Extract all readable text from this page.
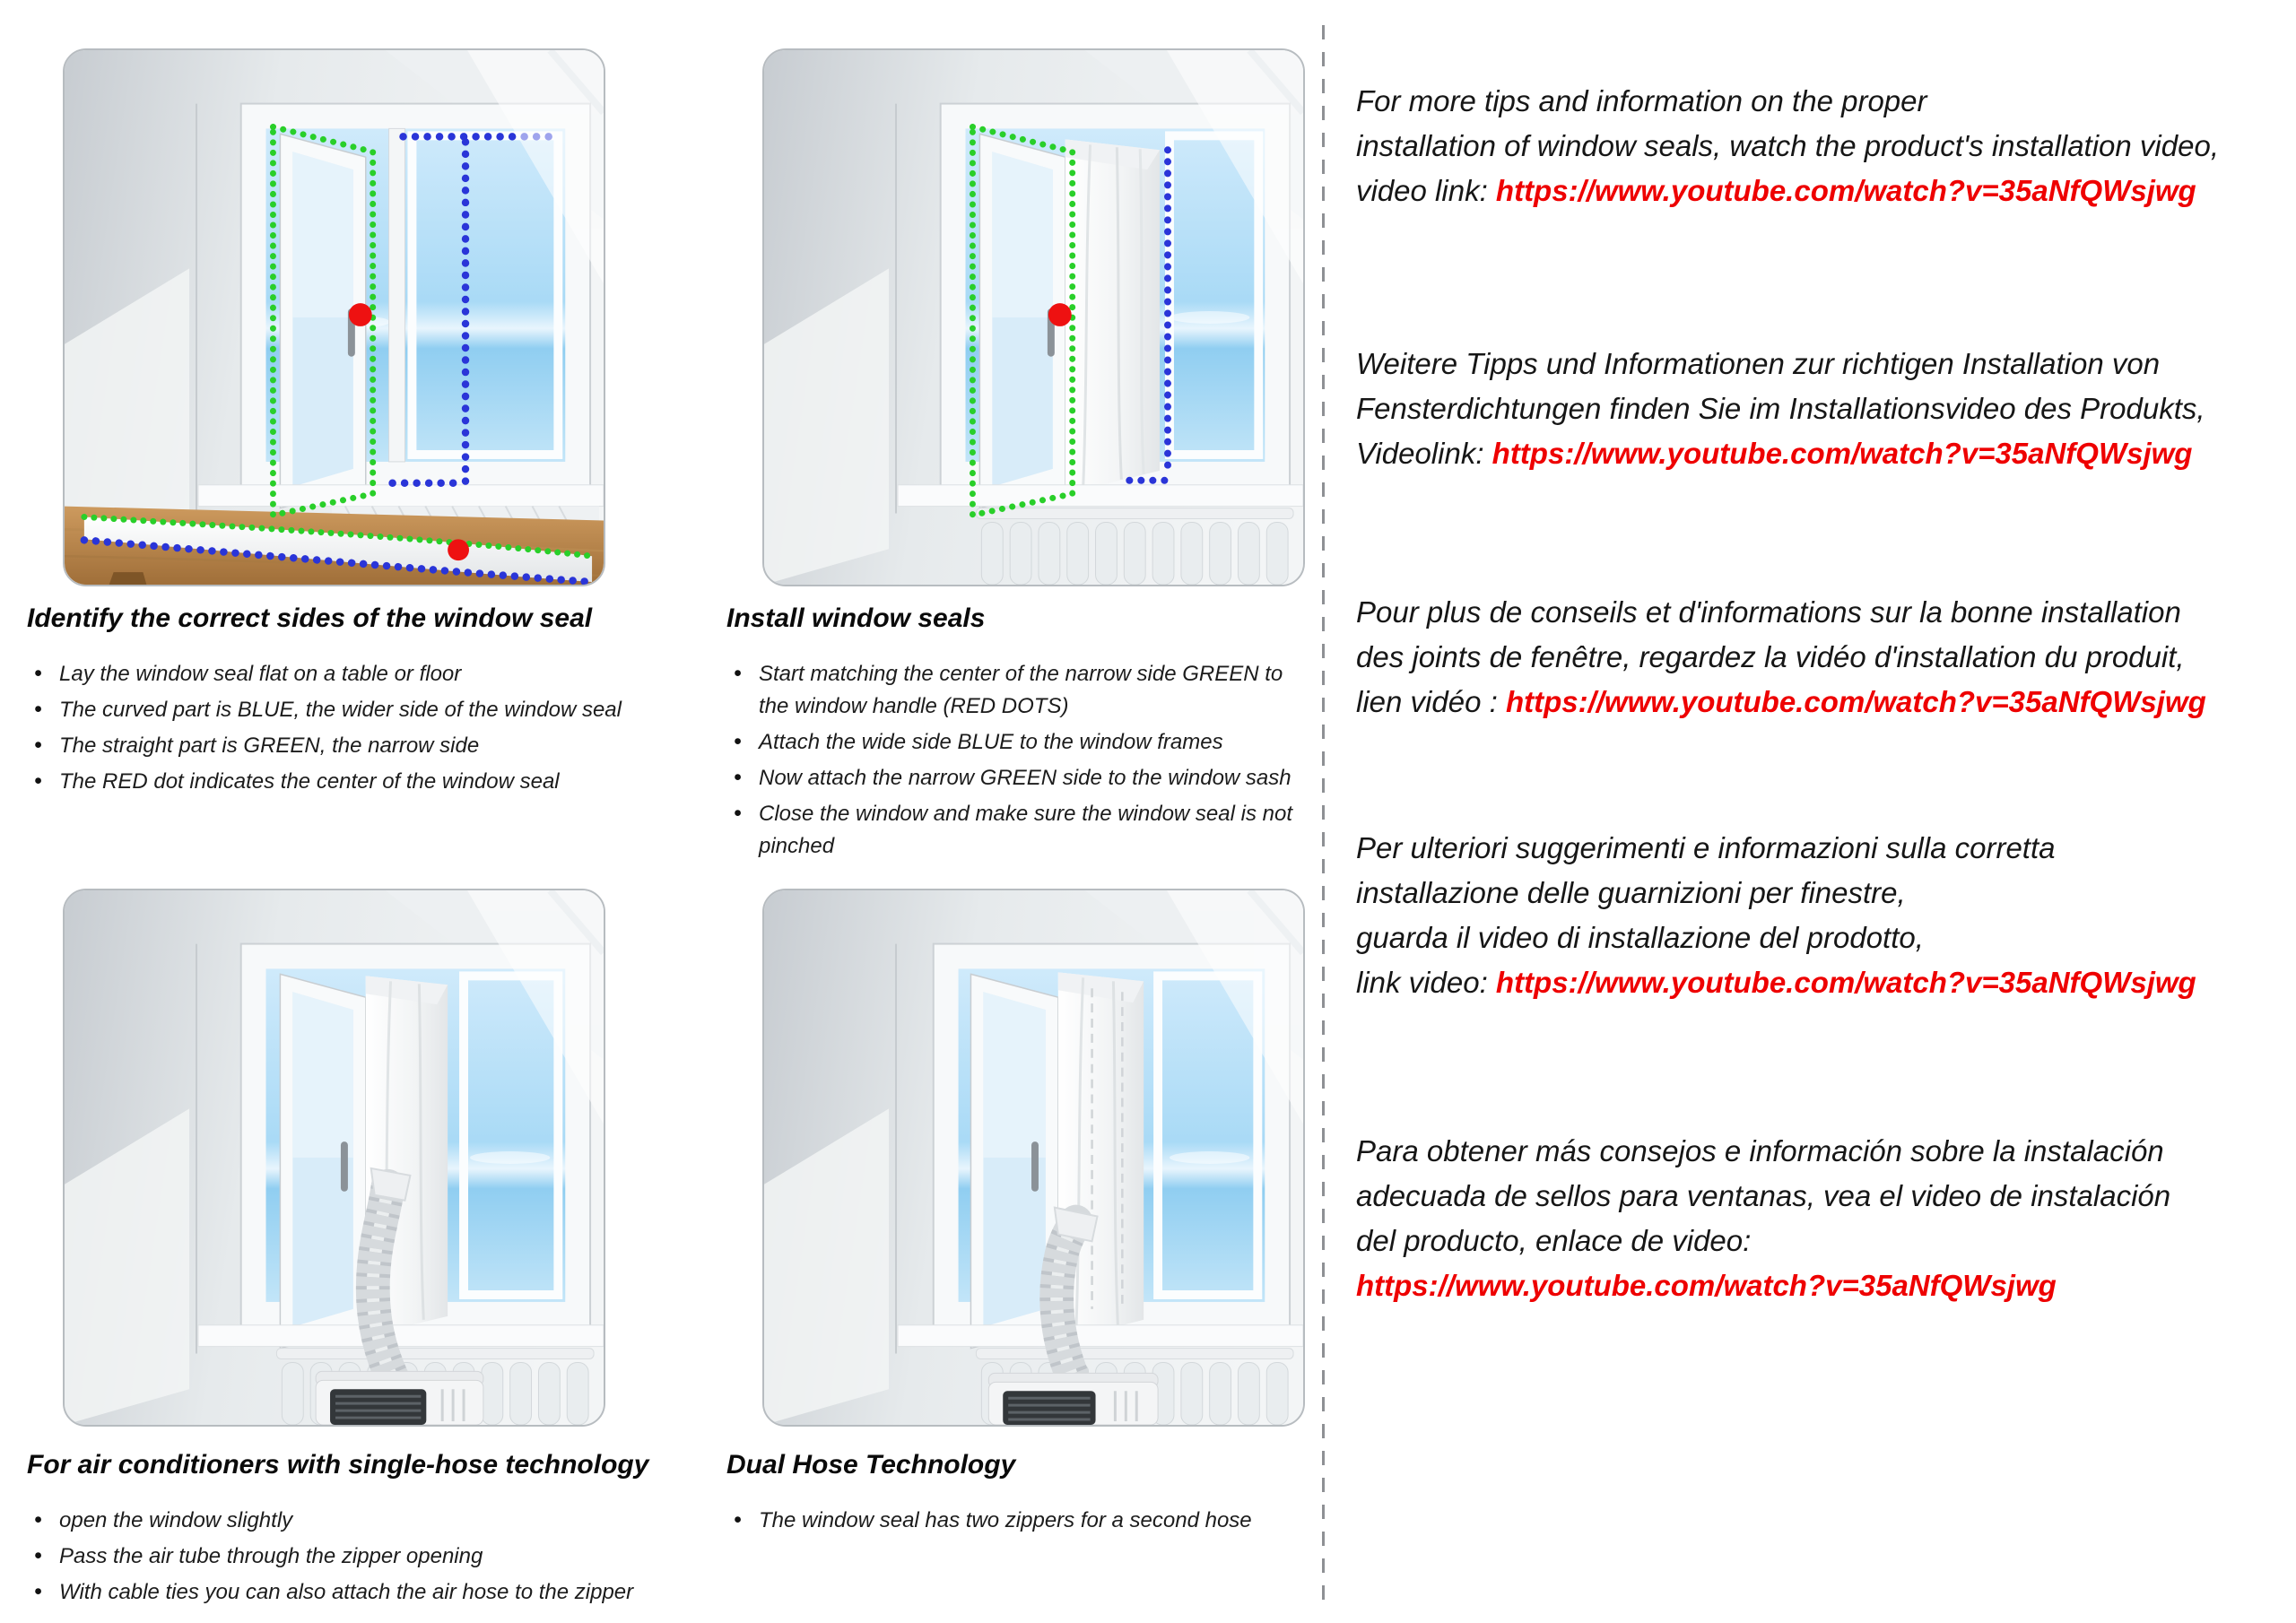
Identify the correct sides of the window seal
• Lay the window seal flat on a table or floor
• The curved part is BLUE, the wider side of the window seal
• The straight part is GREEN, the narrow side
• The RED dot indicates the center of the window seal
Install window seals
• Start matching the center of the narrow side GREEN to the window handle (RED DOTS)
• Attach the wide side BLUE to the window frames
• Now attach the narrow GREEN side to the window sash
• Close the window and make sure the window seal is not pinched
For air conditioners with single-hose technology
• open the window slightly
• Pass the air tube through the zipper opening
• With cable ties you can also attach the air hose to the zipper
Dual Hose Technology
• The window seal has two zippers for a second hose
For more tips and information on the proper
installation of window seals, watch the product's installation video,
video link: https://www.youtube.com/watch?v=35aNfQWsjwg
Weitere Tipps und Informationen zur richtigen Installation von
Fensterdichtungen finden Sie im Installationsvideo des Produkts,
Videolink: https://www.youtube.com/watch?v=35aNfQWsjwg
Pour plus de conseils et d'informations sur la bonne installation
des joints de fenêtre, regardez la vidéo d'installation du produit,
lien vidéo : https://www.youtube.com/watch?v=35aNfQWsjwg
Per ulteriori suggerimenti e informazioni sulla corretta
installazione delle guarnizioni per finestre,
guarda il video di installazione del prodotto,
link video: https://www.youtube.com/watch?v=35aNfQWsjwg
Para obtener más consejos e información sobre la instalación
adecuada de sellos para ventanas, vea el video de instalación
del producto, enlace de video:
https://www.youtube.com/watch?v=35aNfQWsjwg
